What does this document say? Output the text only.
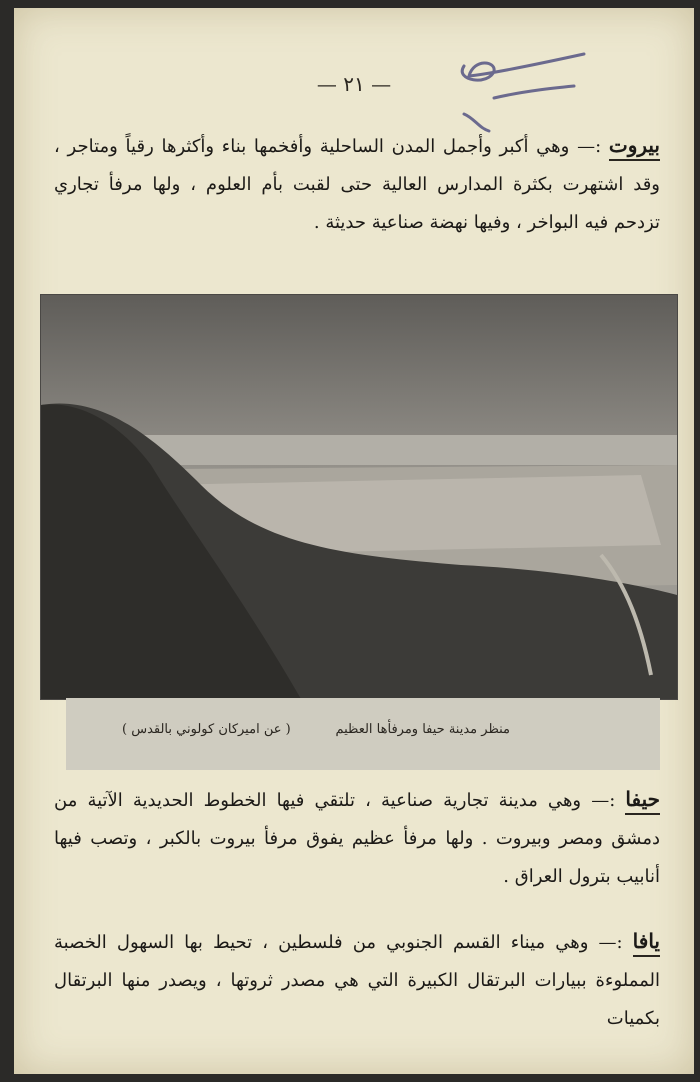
— ٢١ —
بيروت :— وهي أكبر وأجمل المدن الساحلية وأفخمها بناء وأكثرها رقياً ومتاجر ، وقد اشتهرت بكثرة المدارس العالية حتى لقبت بأم العلوم ، ولها مرفأ تجاري تزدحم فيه البواخر ، وفيها نهضة صناعية حديثة .
منظر مدينة حيفا ومرفأها العظيم
( عن اميركان كولوني بالقدس )
حيفا :— وهي مدينة تجارية صناعية ، تلتقي فيها الخطوط الحديدية الآتية من دمشق ومصر وبيروت . ولها مرفأ عظيم يفوق مرفأ بيروت بالكبر ، وتصب فيها أنابيب بترول العراق .
يافا :— وهي ميناء القسم الجنوبي من فلسطين ، تحيط بها السهول الخصبة المملوءة ببيارات البرتقال الكبيرة التي هي مصدر ثروتها ، ويصدر منها البرتقال بكميات
